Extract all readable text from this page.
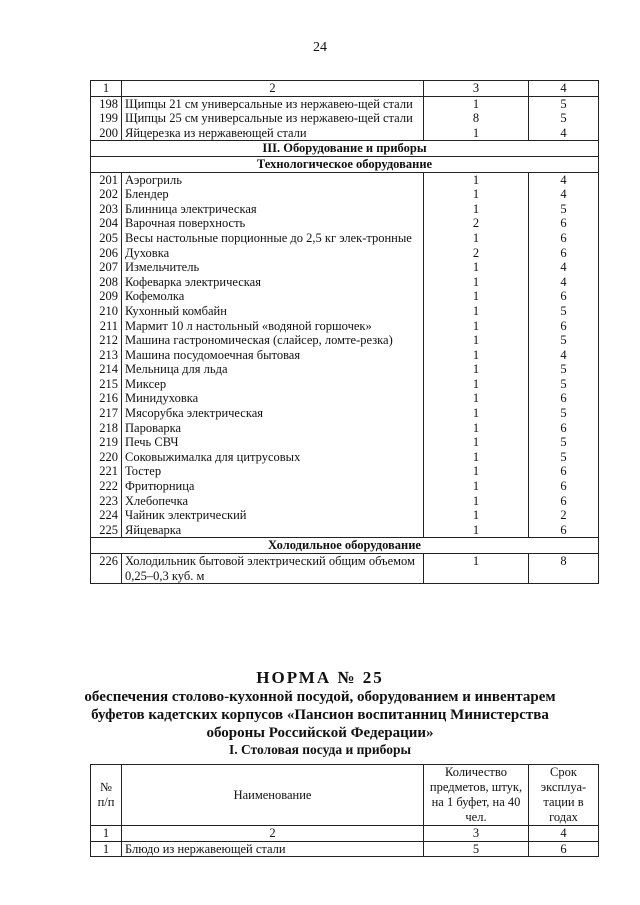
24
1	2	3	4
198	Щипцы 21 см универсальные из нержавею-щей стали	1	5
199	Щипцы 25 см универсальные из нержавею-щей стали	8	5
200	Яйцерезка из нержавеющей стали	1	4
III. Оборудование и приборы			
Технологическое оборудование			
201	Аэрогриль	1	4
202	Блендер	1	4
203	Блинница электрическая	1	5
204	Варочная поверхность	2	6
205	Весы настольные порционные до 2,5 кг элек-тронные	1	6
206	Духовка	2	6
207	Измельчитель	1	4
208	Кофеварка электрическая	1	4
209	Кофемолка	1	6
210	Кухонный комбайн	1	5
211	Мармит 10 л настольный «водяной горшочек»	1	6
212	Машина гастрономическая (слайсер, ломте-резка)	1	5
213	Машина посудомоечная бытовая	1	4
214	Мельница для льда	1	5
215	Миксер	1	5
216	Минидуховка	1	6
217	Мясорубка электрическая	1	5
218	Пароварка	1	6
219	Печь СВЧ	1	5
220	Соковыжималка для цитрусовых	1	5
221	Тостер	1	6
222	Фритюрница	1	6
223	Хлебопечка	1	6
224	Чайник электрический	1	2
225	Яйцеварка	1	6
Холодильное оборудование			
226	Холодильник бытовой электрический общим объемом 0,25–0,3 куб. м	1	8
НОРМА № 25
обеспечения столово-кухонной посудой, оборудованием и инвентарем буфетов кадетских корпусов «Пансион воспитанниц Министерства обороны Российской Федерации»
I. Столовая посуда и приборы
№ п/п	Наименование	Количество предметов, штук, на 1 буфет, на 40 чел.	Срок эксплуа-тации в годах
1	2	3	4
1	Блюдо из нержавеющей стали	5	6
